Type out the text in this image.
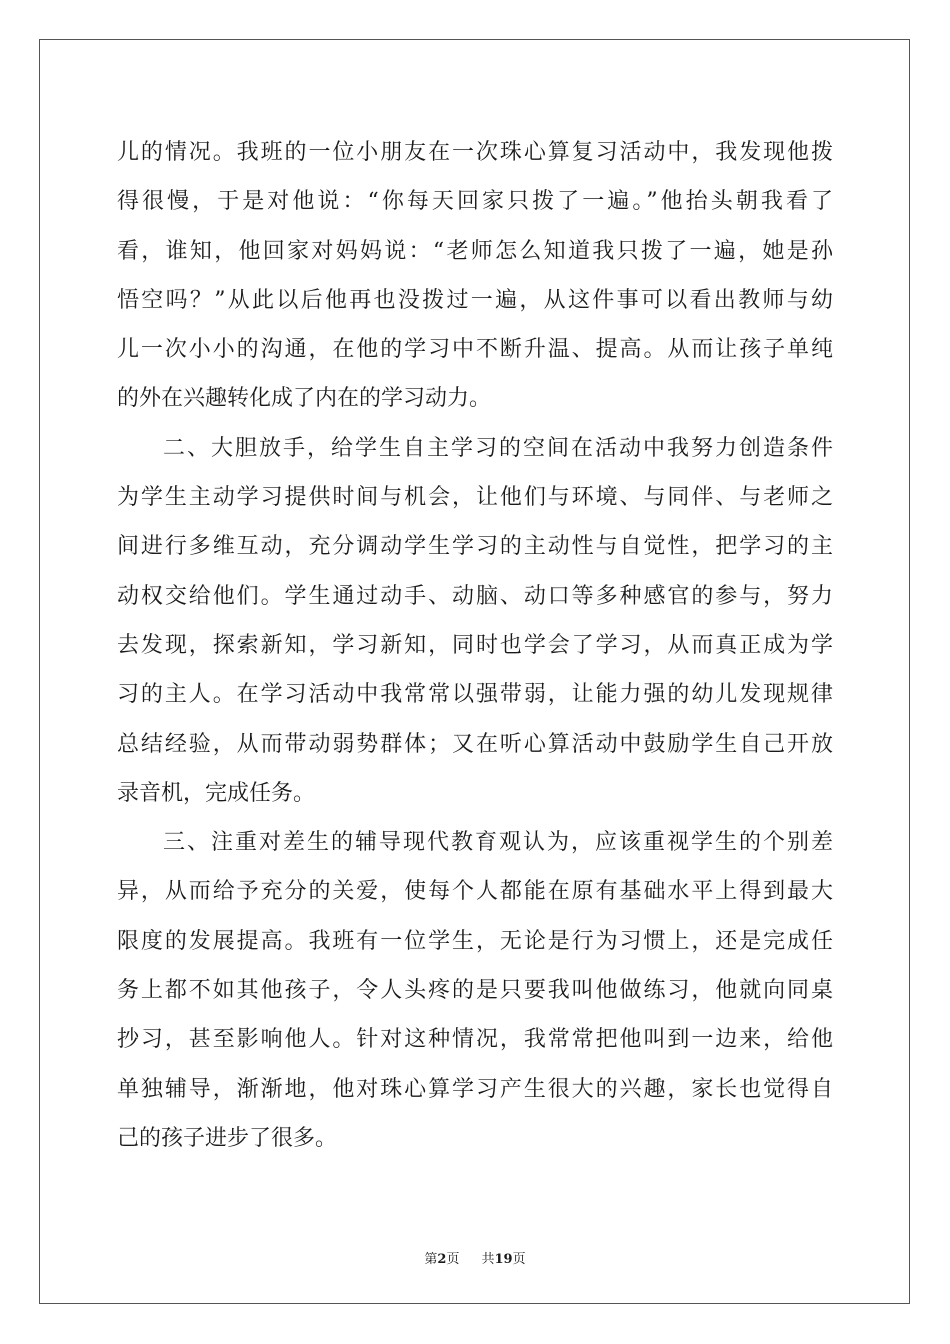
儿的情况。我班的一位小朋友在一次珠心算复习活动中，我发现他拨
得很慢，于是对他说：“你每天回家只拨了一遍。”他抬头朝我看了
看，谁知，他回家对妈妈说：“老师怎么知道我只拨了一遍，她是孙
悟空吗？”从此以后他再也没拨过一遍，从这件事可以看出教师与幼
儿一次小小的沟通，在他的学习中不断升温、提高。从而让孩子单纯
的外在兴趣转化成了内在的学习动力。
二、大胆放手，给学生自主学习的空间在活动中我努力创造条件
为学生主动学习提供时间与机会，让他们与环境、与同伴、与老师之
间进行多维互动，充分调动学生学习的主动性与自觉性，把学习的主
动权交给他们。学生通过动手、动脑、动口等多种感官的参与，努力
去发现，探索新知，学习新知，同时也学会了学习，从而真正成为学
习的主人。在学习活动中我常常以强带弱，让能力强的幼儿发现规律
总结经验，从而带动弱势群体；又在听心算活动中鼓励学生自己开放
录音机，完成任务。
三、注重对差生的辅导现代教育观认为，应该重视学生的个别差
异，从而给予充分的关爱，使每个人都能在原有基础水平上得到最大
限度的发展提高。我班有一位学生，无论是行为习惯上，还是完成任
务上都不如其他孩子，令人头疼的是只要我叫他做练习，他就向同桌
抄习，甚至影响他人。针对这种情况，我常常把他叫到一边来，给他
单独辅导，渐渐地，他对珠心算学习产生很大的兴趣，家长也觉得自
己的孩子进步了很多。
第2页 共19页
